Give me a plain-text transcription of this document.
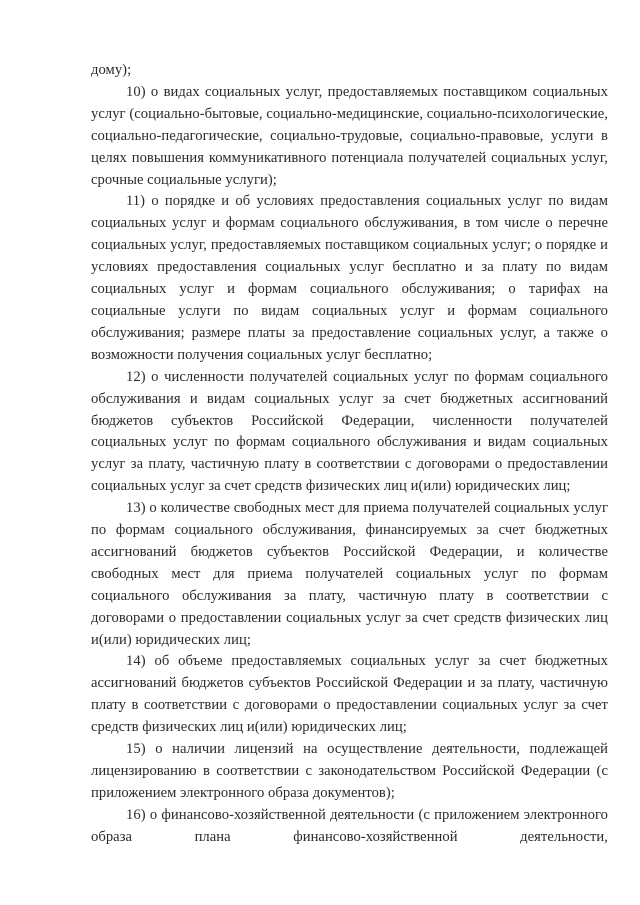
дому);

10) о видах социальных услуг, предоставляемых поставщиком социальных услуг (социально-бытовые, социально-медицинские, социально-психологические, социально-педагогические, социально-трудовые, социально-правовые, услуги в целях повышения коммуникативного потенциала получателей социальных услуг, срочные социальные услуги);

11) о порядке и об условиях предоставления социальных услуг по видам социальных услуг и формам социального обслуживания, в том числе о перечне социальных услуг, предоставляемых поставщиком социальных услуг; о порядке и условиях предоставления социальных услуг бесплатно и за плату по видам социальных услуг и формам социального обслуживания; о тарифах на социальные услуги по видам социальных услуг и формам социального обслуживания; размере платы за предоставление социальных услуг, а также о возможности получения социальных услуг бесплатно;

12) о численности получателей социальных услуг по формам социального обслуживания и видам социальных услуг за счет бюджетных ассигнований бюджетов субъектов Российской Федерации, численности получателей социальных услуг по формам социального обслуживания и видам социальных услуг за плату, частичную плату в соответствии с договорами о предоставлении социальных услуг за счет средств физических лиц и(или) юридических лиц;

13) о количестве свободных мест для приема получателей социальных услуг по формам социального обслуживания, финансируемых за счет бюджетных ассигнований бюджетов субъектов Российской Федерации, и количестве свободных мест для приема получателей социальных услуг по формам социального обслуживания за плату, частичную плату в соответствии с договорами о предоставлении социальных услуг за счет средств физических лиц и(или) юридических лиц;

14) об объеме предоставляемых социальных услуг за счет бюджетных ассигнований бюджетов субъектов Российской Федерации и за плату, частичную плату в соответствии с договорами о предоставлении социальных услуг за счет средств физических лиц и(или) юридических лиц;

15) о наличии лицензий на осуществление деятельности, подлежащей лицензированию в соответствии с законодательством Российской Федерации (с приложением электронного образа документов);

16) о финансово-хозяйственной деятельности (с приложением электронного образа плана финансово-хозяйственной деятельности,
